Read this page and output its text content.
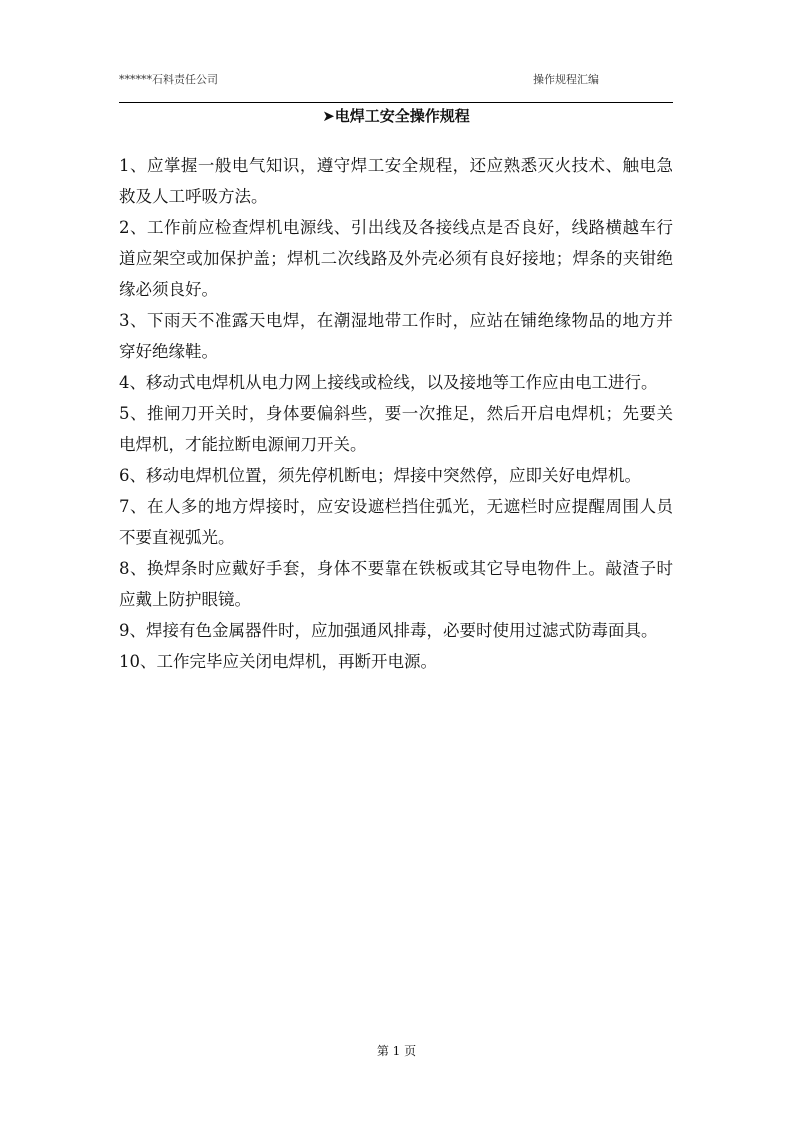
******石料责任公司	操作规程汇编
➤电焊工安全操作规程

1、应掌握一般电气知识，遵守焊工安全规程，还应熟悉灭火技术、触电急救及人工呼吸方法。

2、工作前应检查焊机电源线、引出线及各接线点是否良好，线路横越车行道应架空或加保护盖；焊机二次线路及外壳必须有良好接地；焊条的夹钳绝缘必须良好。

3、下雨天不准露天电焊，在潮湿地带工作时，应站在铺绝缘物品的地方并穿好绝缘鞋。

4、移动式电焊机从电力网上接线或检线，以及接地等工作应由电工进行。

5、推闸刀开关时，身体要偏斜些，要一次推足，然后开启电焊机；先要关电焊机，才能拉断电源闸刀开关。

6、移动电焊机位置，须先停机断电；焊接中突然停，应即关好电焊机。

7、在人多的地方焊接时，应安设遮栏挡住弧光，无遮栏时应提醒周围人员不要直视弧光。

8、换焊条时应戴好手套，身体不要靠在铁板或其它导电物件上。敲渣子时应戴上防护眼镜。

9、焊接有色金属器件时，应加强通风排毒，必要时使用过滤式防毒面具。

10、工作完毕应关闭电焊机，再断开电源。

第 1 页
